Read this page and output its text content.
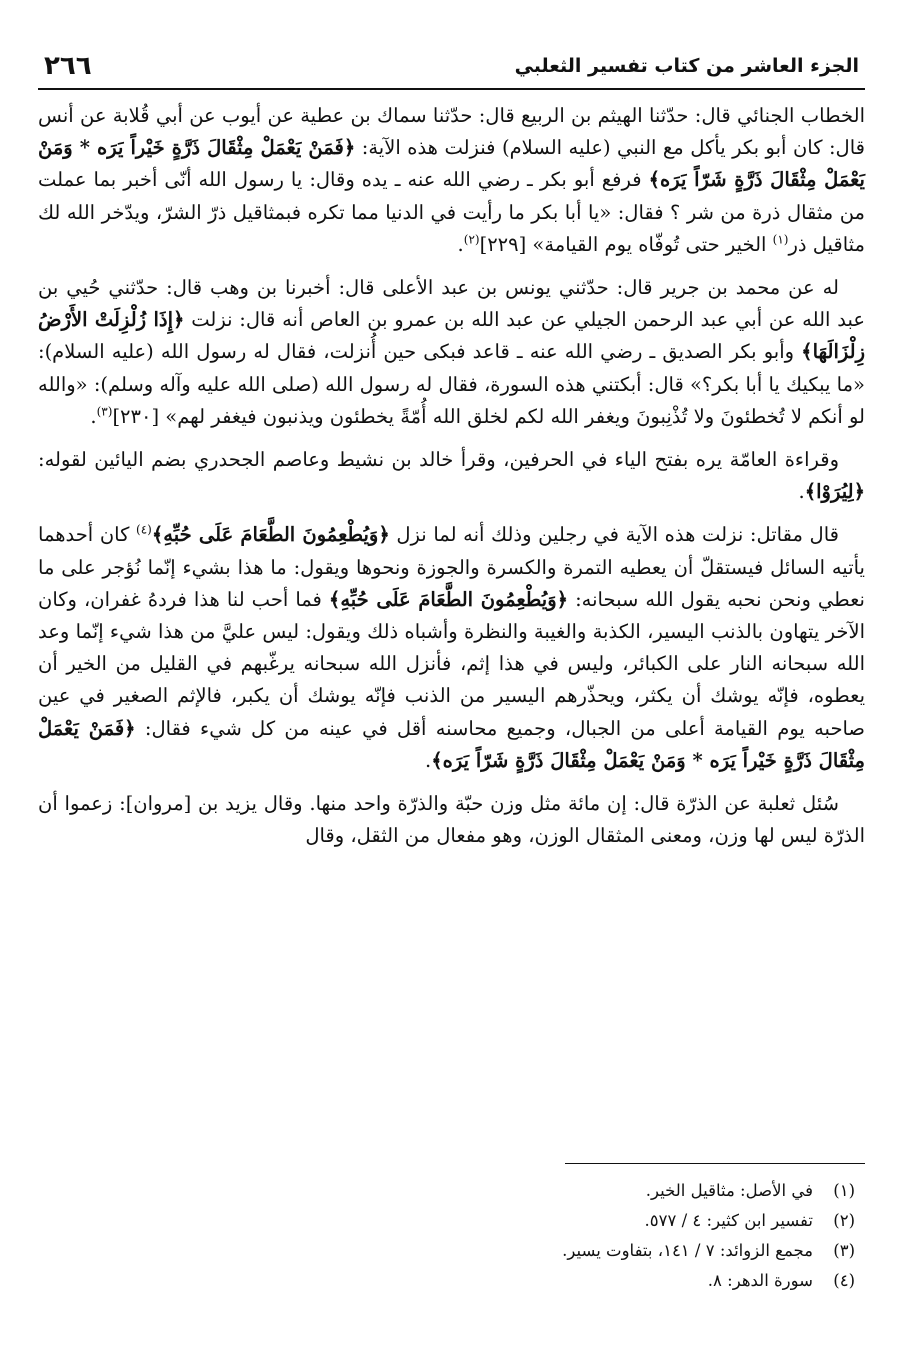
الجزء العاشر من كتاب تفسير الثعلبي
٢٦٦

الخطاب الجنائي قال: حدّثنا الهيثم بن الربيع قال: حدّثنا سماك بن عطية عن أيوب عن أبي قُلابة عن أنس قال: كان أبو بكر يأكل مع النبي (عليه السلام) فنزلت هذه الآية: ﴿فَمَنْ يَعْمَلْ مِثْقَالَ ذَرَّةٍ خَيْراً يَرَه * وَمَنْ يَعْمَلْ مِثْقَالَ ذَرَّةٍ شَرّاً يَرَه﴾ فرفع أبو بكر ـ رضي الله عنه ـ يده وقال: يا رسول الله أنّى أخبر بما عملت من مثقال ذرة من شر ؟ فقال: «يا أبا بكر ما رأيت في الدنيا مما تكره فبمثاقيل ذرّ الشرّ، ويدّخر الله لك مثاقيل ذر$^{(١)}$ الخير حتى تُوفّاه يوم القيامة» [٢٢٩]$^{(٢)}$.

له عن محمد بن جرير قال: حدّثني يونس بن عبد الأعلى قال: أخبرنا بن وهب قال: حدّثني حُيي بن عبد الله عن أبي عبد الرحمن الجيلي عن عبد الله بن عمرو بن العاص أنه قال: نزلت ﴿إِذَا زُلْزِلَتْ الأَرْضُ زِلْزَالَهَا﴾ وأبو بكر الصديق ـ رضي الله عنه ـ قاعد فبكى حين أُنزلت، فقال له رسول الله (عليه السلام): «ما يبكيك يا أبا بكر؟» قال: أبكتني هذه السورة، فقال له رسول الله (صلى الله عليه وآله وسلم): «والله لو أنكم لا تُخطئونَ ولا تُذْنِبونَ ويغفر الله لكم لخلق الله أُمّةً يخطئون ويذنبون فيغفر لهم» [٢٣٠]$^{(٣)}$.

وقراءة العامّة يره بفتح الياء في الحرفين، وقرأ خالد بن نشيط وعاصم الجحدري بضم اليائين لقوله: ﴿لِيُرَوْا﴾.

قال مقاتل: نزلت هذه الآية في رجلين وذلك أنه لما نزل ﴿وَيُطْعِمُونَ الطَّعَامَ عَلَى حُبِّهِ﴾$^{(٤)}$ كان أحدهما يأتيه السائل فيستقلّ أن يعطيه التمرة والكسرة والجوزة ونحوها ويقول: ما هذا بشيء إنّما نُؤجر على ما نعطي ونحن نحبه يقول الله سبحانه: ﴿وَيُطْعِمُونَ الطَّعَامَ عَلَى حُبِّهِ﴾ فما أحب لنا هذا فردهُ غفران، وكان الآخر يتهاون بالذنب اليسير، الكذبة والغيبة والنظرة وأشباه ذلك ويقول: ليس عليَّ من هذا شيء إنّما وعد الله سبحانه النار على الكبائر، وليس في هذا إثم، فأنزل الله سبحانه يرغّبهم في القليل من الخير أن يعطوه، فإنّه يوشك أن يكثر، ويحذّرهم اليسير من الذنب فإنّه يوشك أن يكبر، فالإثم الصغير في عين صاحبه يوم القيامة أعلى من الجبال، وجميع محاسنه أقل في عينه من كل شيء فقال: ﴿فَمَنْ يَعْمَلْ مِثْقَالَ ذَرَّةٍ خَيْراً يَرَه * وَمَنْ يَعْمَلْ مِثْقَالَ ذَرَّةٍ شَرّاً يَرَه﴾.

سُئل ثعلبة عن الذرّة قال: إن مائة مثل وزن حبّة والذرّة واحد منها. وقال يزيد بن [مروان]: زعموا أن الذرّة ليس لها وزن، ومعنى المثقال الوزن، وهو مفعال من الثقل، وقال

(١)
في الأصل: مثاقيل الخير.
(٢)
تفسير ابن كثير: ٤ / ٥٧٧.
(٣)
مجمع الزوائد: ٧ / ١٤١، بتفاوت يسير.
(٤)
سورة الدهر: ٨.
